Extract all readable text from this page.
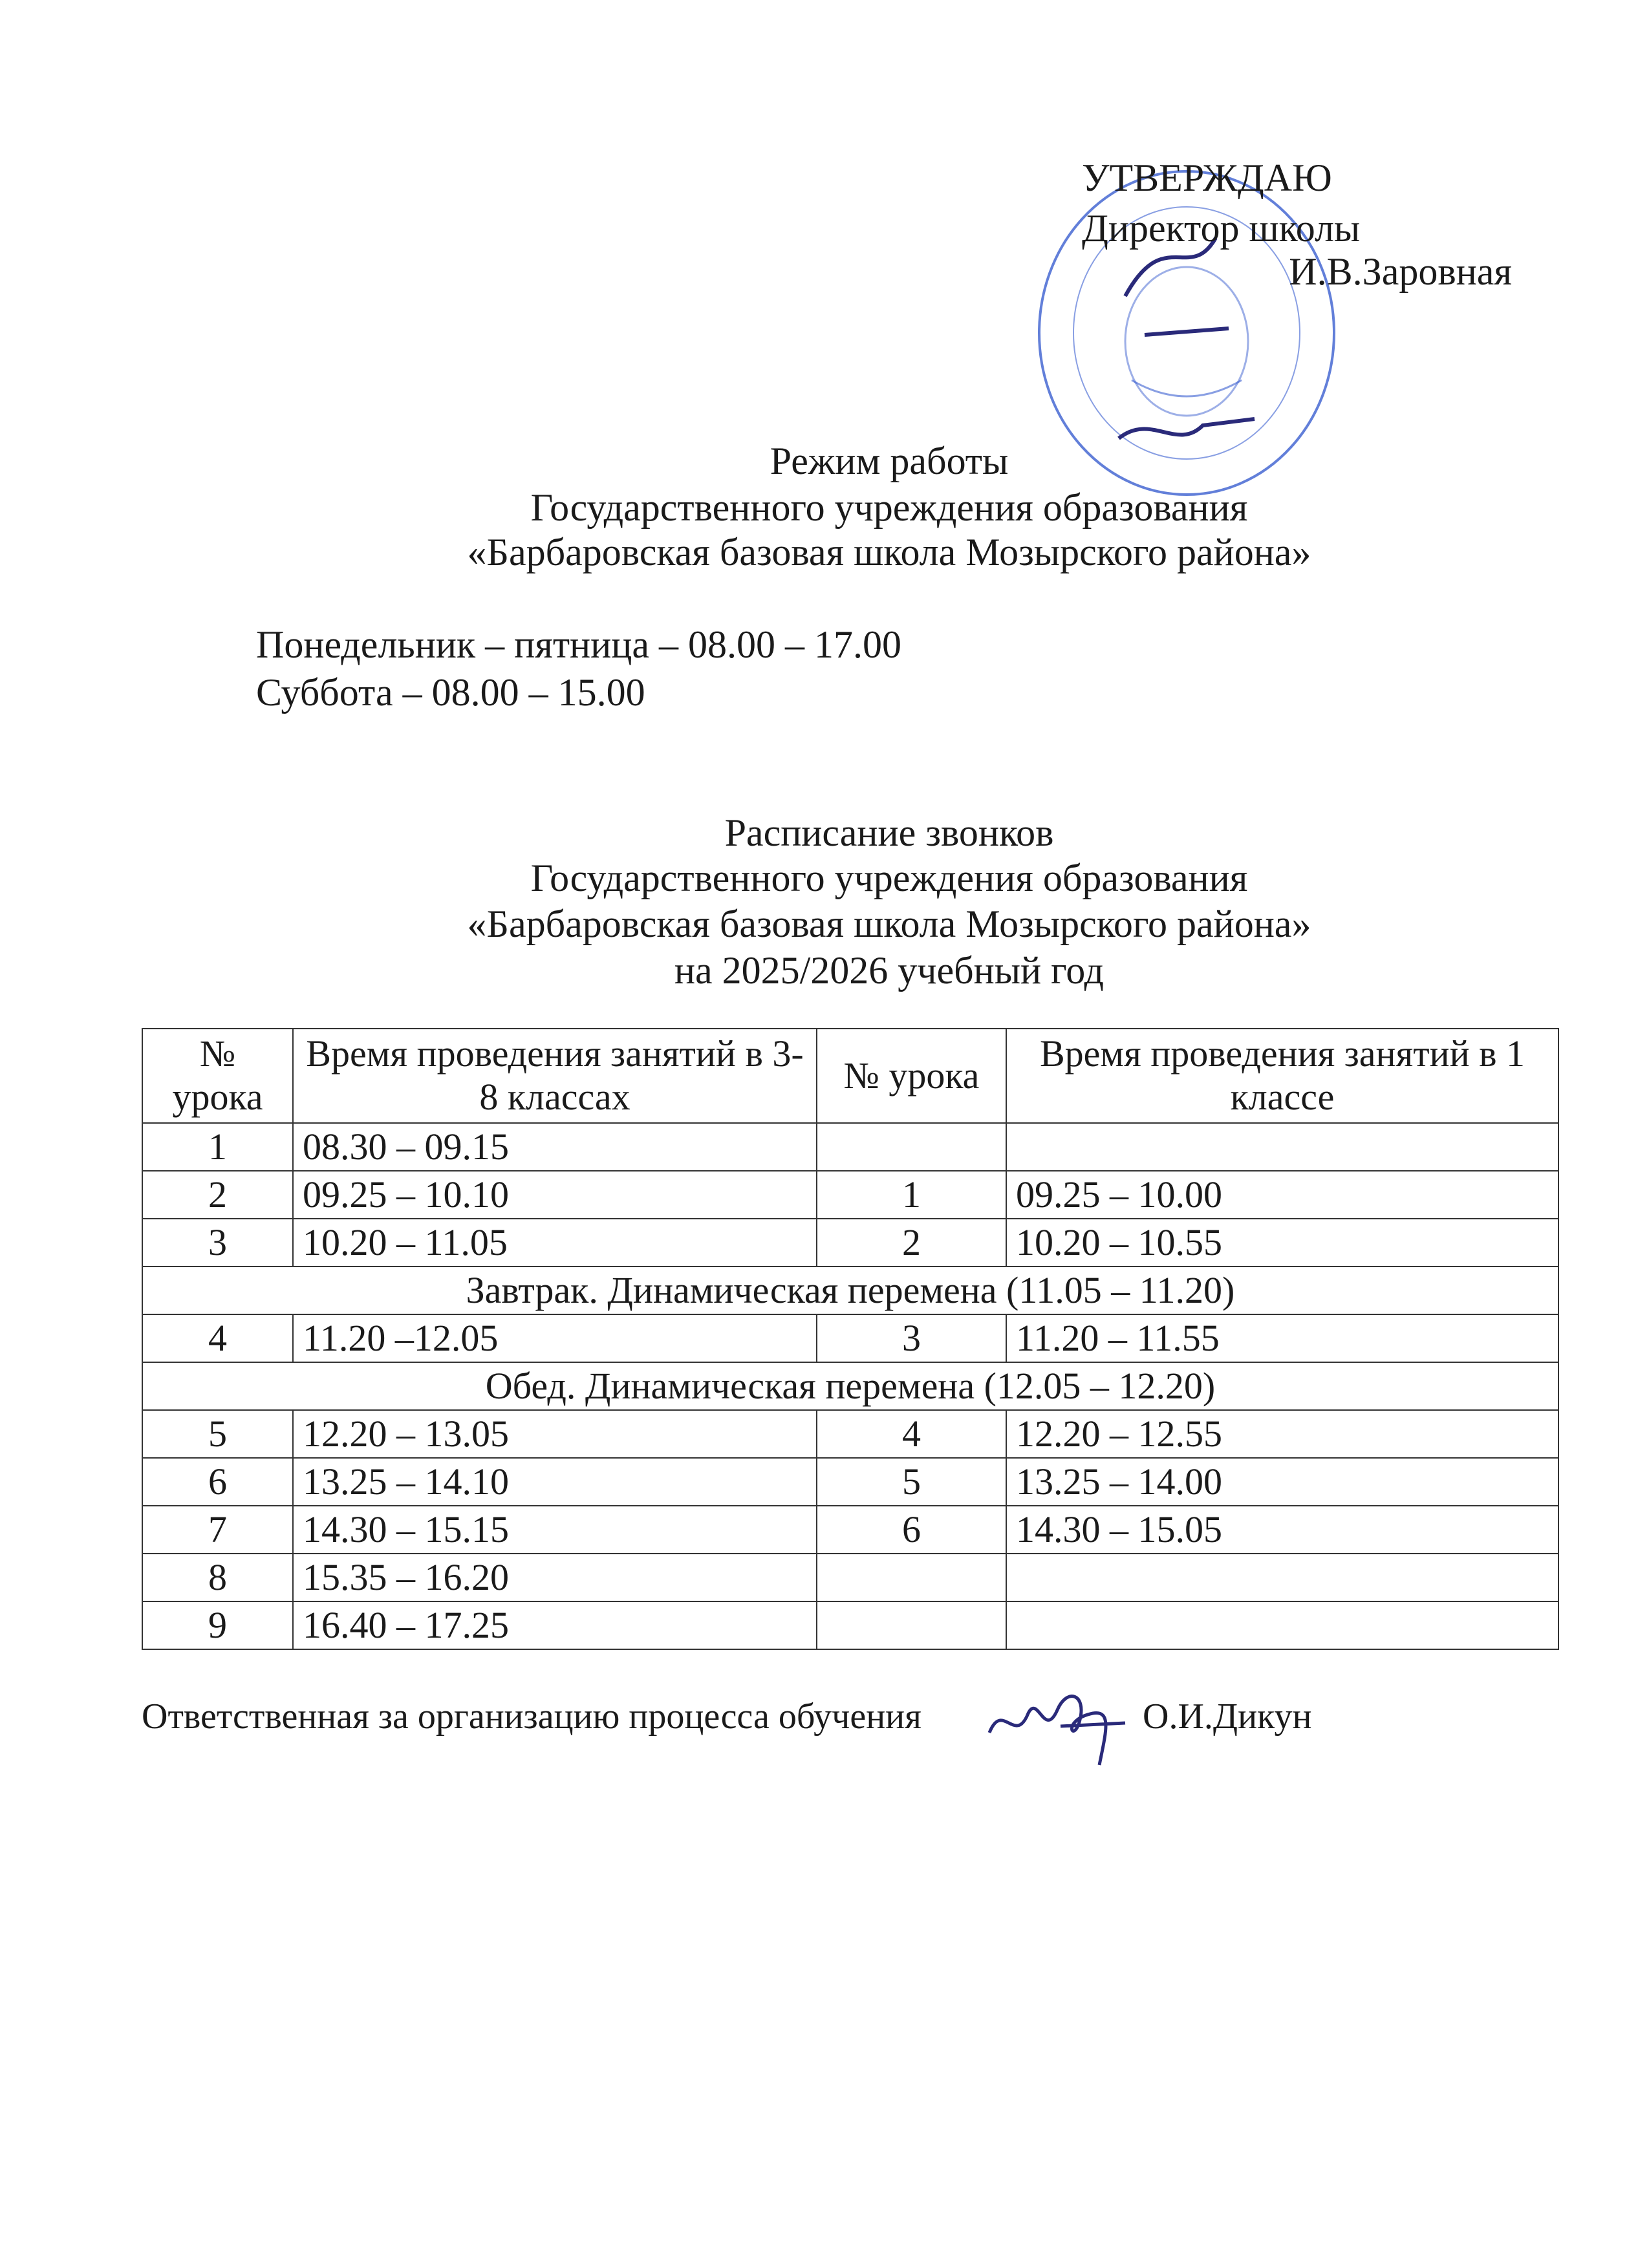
УТВЕРЖДАЮ
Директор школы
И.В.Заровная
Режим работы
Государственного учреждения образования
«Барбаровская базовая школа Мозырского района»
Понедельник – пятница – 08.00 – 17.00
Суббота – 08.00 – 15.00
Расписание звонков
Государственного учреждения образования
«Барбаровская базовая школа Мозырского района»
на 2025/2026 учебный год
№ урока	Время проведения занятий в 3-8 классах	№ урока	Время проведения занятий в 1 классе
1	08.30 – 09.15		
2	09.25 – 10.10	1	09.25 – 10.00
3	10.20 – 11.05	2	10.20 – 10.55
Завтрак. Динамическая перемена (11.05 – 11.20)			
4	11.20 –12.05	3	11.20 – 11.55
Обед. Динамическая перемена (12.05 – 12.20)			
5	12.20 – 13.05	4	12.20 – 12.55
6	13.25 – 14.10	5	13.25 – 14.00
7	14.30 – 15.15	6	14.30 – 15.05
8	15.35 – 16.20		
9	16.40 – 17.25		
Ответственная за организацию процесса обучения	О.И.Дикун
